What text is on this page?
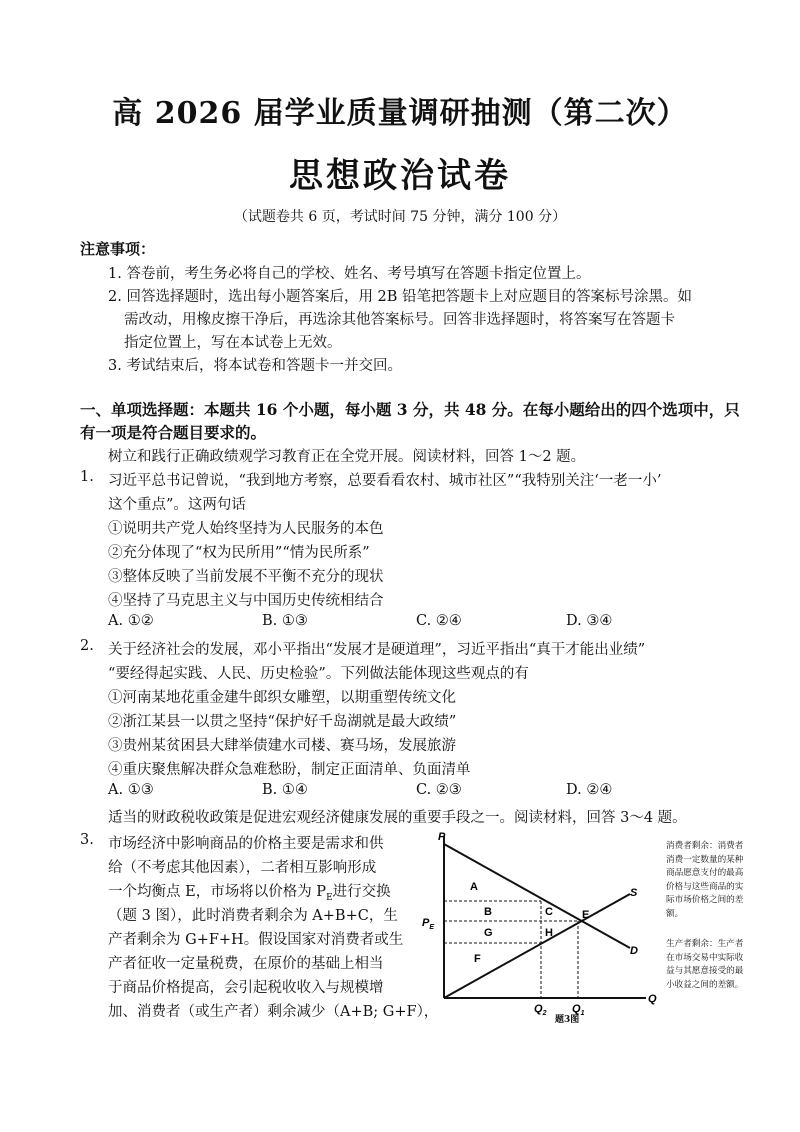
高 2026 届学业质量调研抽测（第二次）
思想政治试卷
（试题卷共 6 页，考试时间 75 分钟，满分 100 分）
注意事项：
1. 答卷前，考生务必将自己的学校、姓名、考号填写在答题卡指定位置上。
2. 回答选择题时，选出每小题答案后，用 2B 铅笔把答题卡上对应题目的答案标号涂黑。如
需改动，用橡皮擦干净后，再选涂其他答案标号。回答非选择题时，将答案写在答题卡
指定位置上，写在本试卷上无效。
3. 考试结束后，将本试卷和答题卡一并交回。
一、单项选择题：本题共 16 个小题，每小题 3 分，共 48 分。在每小题给出的四个选项中，只
有一项是符合题目要求的。
树立和践行正确政绩观学习教育正在全党开展。阅读材料，回答 1～2 题。
1. 习近平总书记曾说，“我到地方考察，总要看看农村、城市社区”“我特别关注‘一老一小’
这个重点”。这两句话
①说明共产党人始终坚持为人民服务的本色
②充分体现了“权为民所用”“情为民所系”
③整体反映了当前发展不平衡不充分的现状
④坚持了马克思主义与中国历史传统相结合
A. ①②	B. ①③	C. ②④	D. ③④
2. 关于经济社会的发展，邓小平指出“发展才是硬道理”，习近平指出“真干才能出业绩”
“要经得起实践、人民、历史检验”。下列做法能体现这些观点的有
①河南某地花重金建牛郎织女雕塑，以期重塑传统文化
②浙江某县一以贯之坚持“保护好千岛湖就是最大政绩”
③贵州某贫困县大肆举债建水司楼、赛马场，发展旅游
④重庆聚焦解决群众急难愁盼，制定正面清单、负面清单
A. ①③	B. ①④	C. ②③	D. ②④
适当的财政税收政策是促进宏观经济健康发展的重要手段之一。阅读材料，回答 3～4 题。
3. 市场经济中影响商品的价格主要是需求和供
给（不考虑其他因素），二者相互影响形成
一个均衡点 E，市场将以价格为 $P_E$进行交换
（题 3 图），此时消费者剩余为 A+B+C，生
产者剩余为 G+F+H。假设国家对消费者或生
产者征收一定量税费，在原价的基础上相当
于商品价格提高，会引起税收收入与规模增
加、消费者（或生产者）剩余减少（A+B; G+F），
P
Q
$P_E$
$Q_2$ $Q_1$
S
D
E
A
B	C
G	H
F
消费者剩余：消费者消费一定数量的某种商品愿意支付的最高价格与这些商品的实际市场价格之间的差额。
生产者剩余：生产者在市场交易中实际收益与其愿意接受的最小收益之间的差额。
题3图
